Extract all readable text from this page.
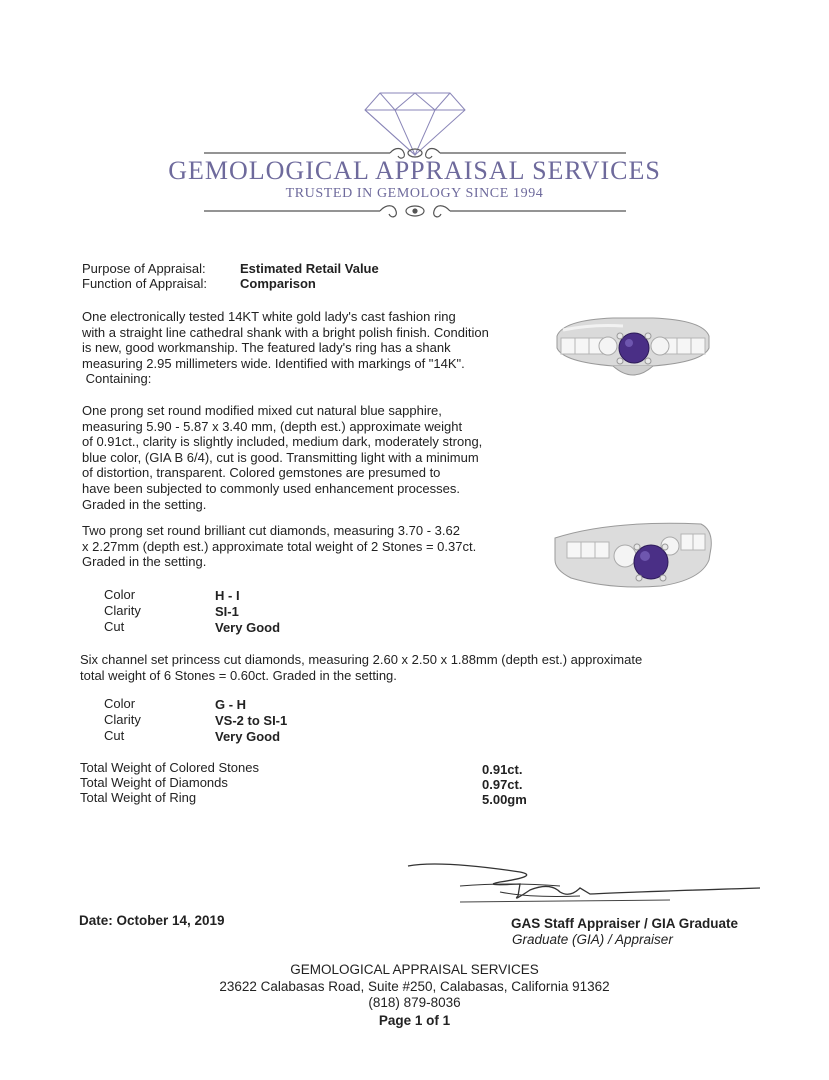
GEMOLOGICAL APPRAISAL SERVICES
TRUSTED IN GEMOLOGY SINCE 1994
Purpose of Appraisal:	Estimated Retail Value
Function of Appraisal:	Comparison
One electronically tested 14KT white gold lady's cast fashion ring
with a straight line cathedral shank with a bright polish finish. Condition
is new, good workmanship. The featured lady's ring has a shank
measuring 2.95 millimeters wide. Identified with markings of "14K".
Containing:
One prong set round modified mixed cut natural blue sapphire,
measuring 5.90 - 5.87 x 3.40 mm, (depth est.) approximate weight
of 0.91ct., clarity is slightly included, medium dark, moderately strong,
blue color, (GIA B 6/4), cut is good. Transmitting light with a minimum
of distortion, transparent. Colored gemstones are presumed to
have been subjected to commonly used enhancement processes.
Graded in the setting.
Two prong set round brilliant cut diamonds, measuring 3.70 - 3.62
x 2.27mm (depth est.) approximate total weight of 2 Stones = 0.37ct.
Graded in the setting.
Color	H - I
Clarity	SI-1
Cut	Very Good
Six channel set princess cut diamonds, measuring 2.60 x 2.50 x 1.88mm (depth est.) approximate
total weight of 6 Stones = 0.60ct. Graded in the setting.
Color	G - H
Clarity	VS-2 to SI-1
Cut	Very Good
Total Weight of Colored Stones	0.91ct.
Total Weight of Diamonds	0.97ct.
Total Weight of Ring	5.00gm
Date: October 14, 2019	GAS Staff Appraiser / GIA Graduate
Graduate (GIA) / Appraiser
GEMOLOGICAL APPRAISAL SERVICES
23622 Calabasas Road, Suite #250, Calabasas, California 91362
(818) 879-8036
Page 1 of 1
